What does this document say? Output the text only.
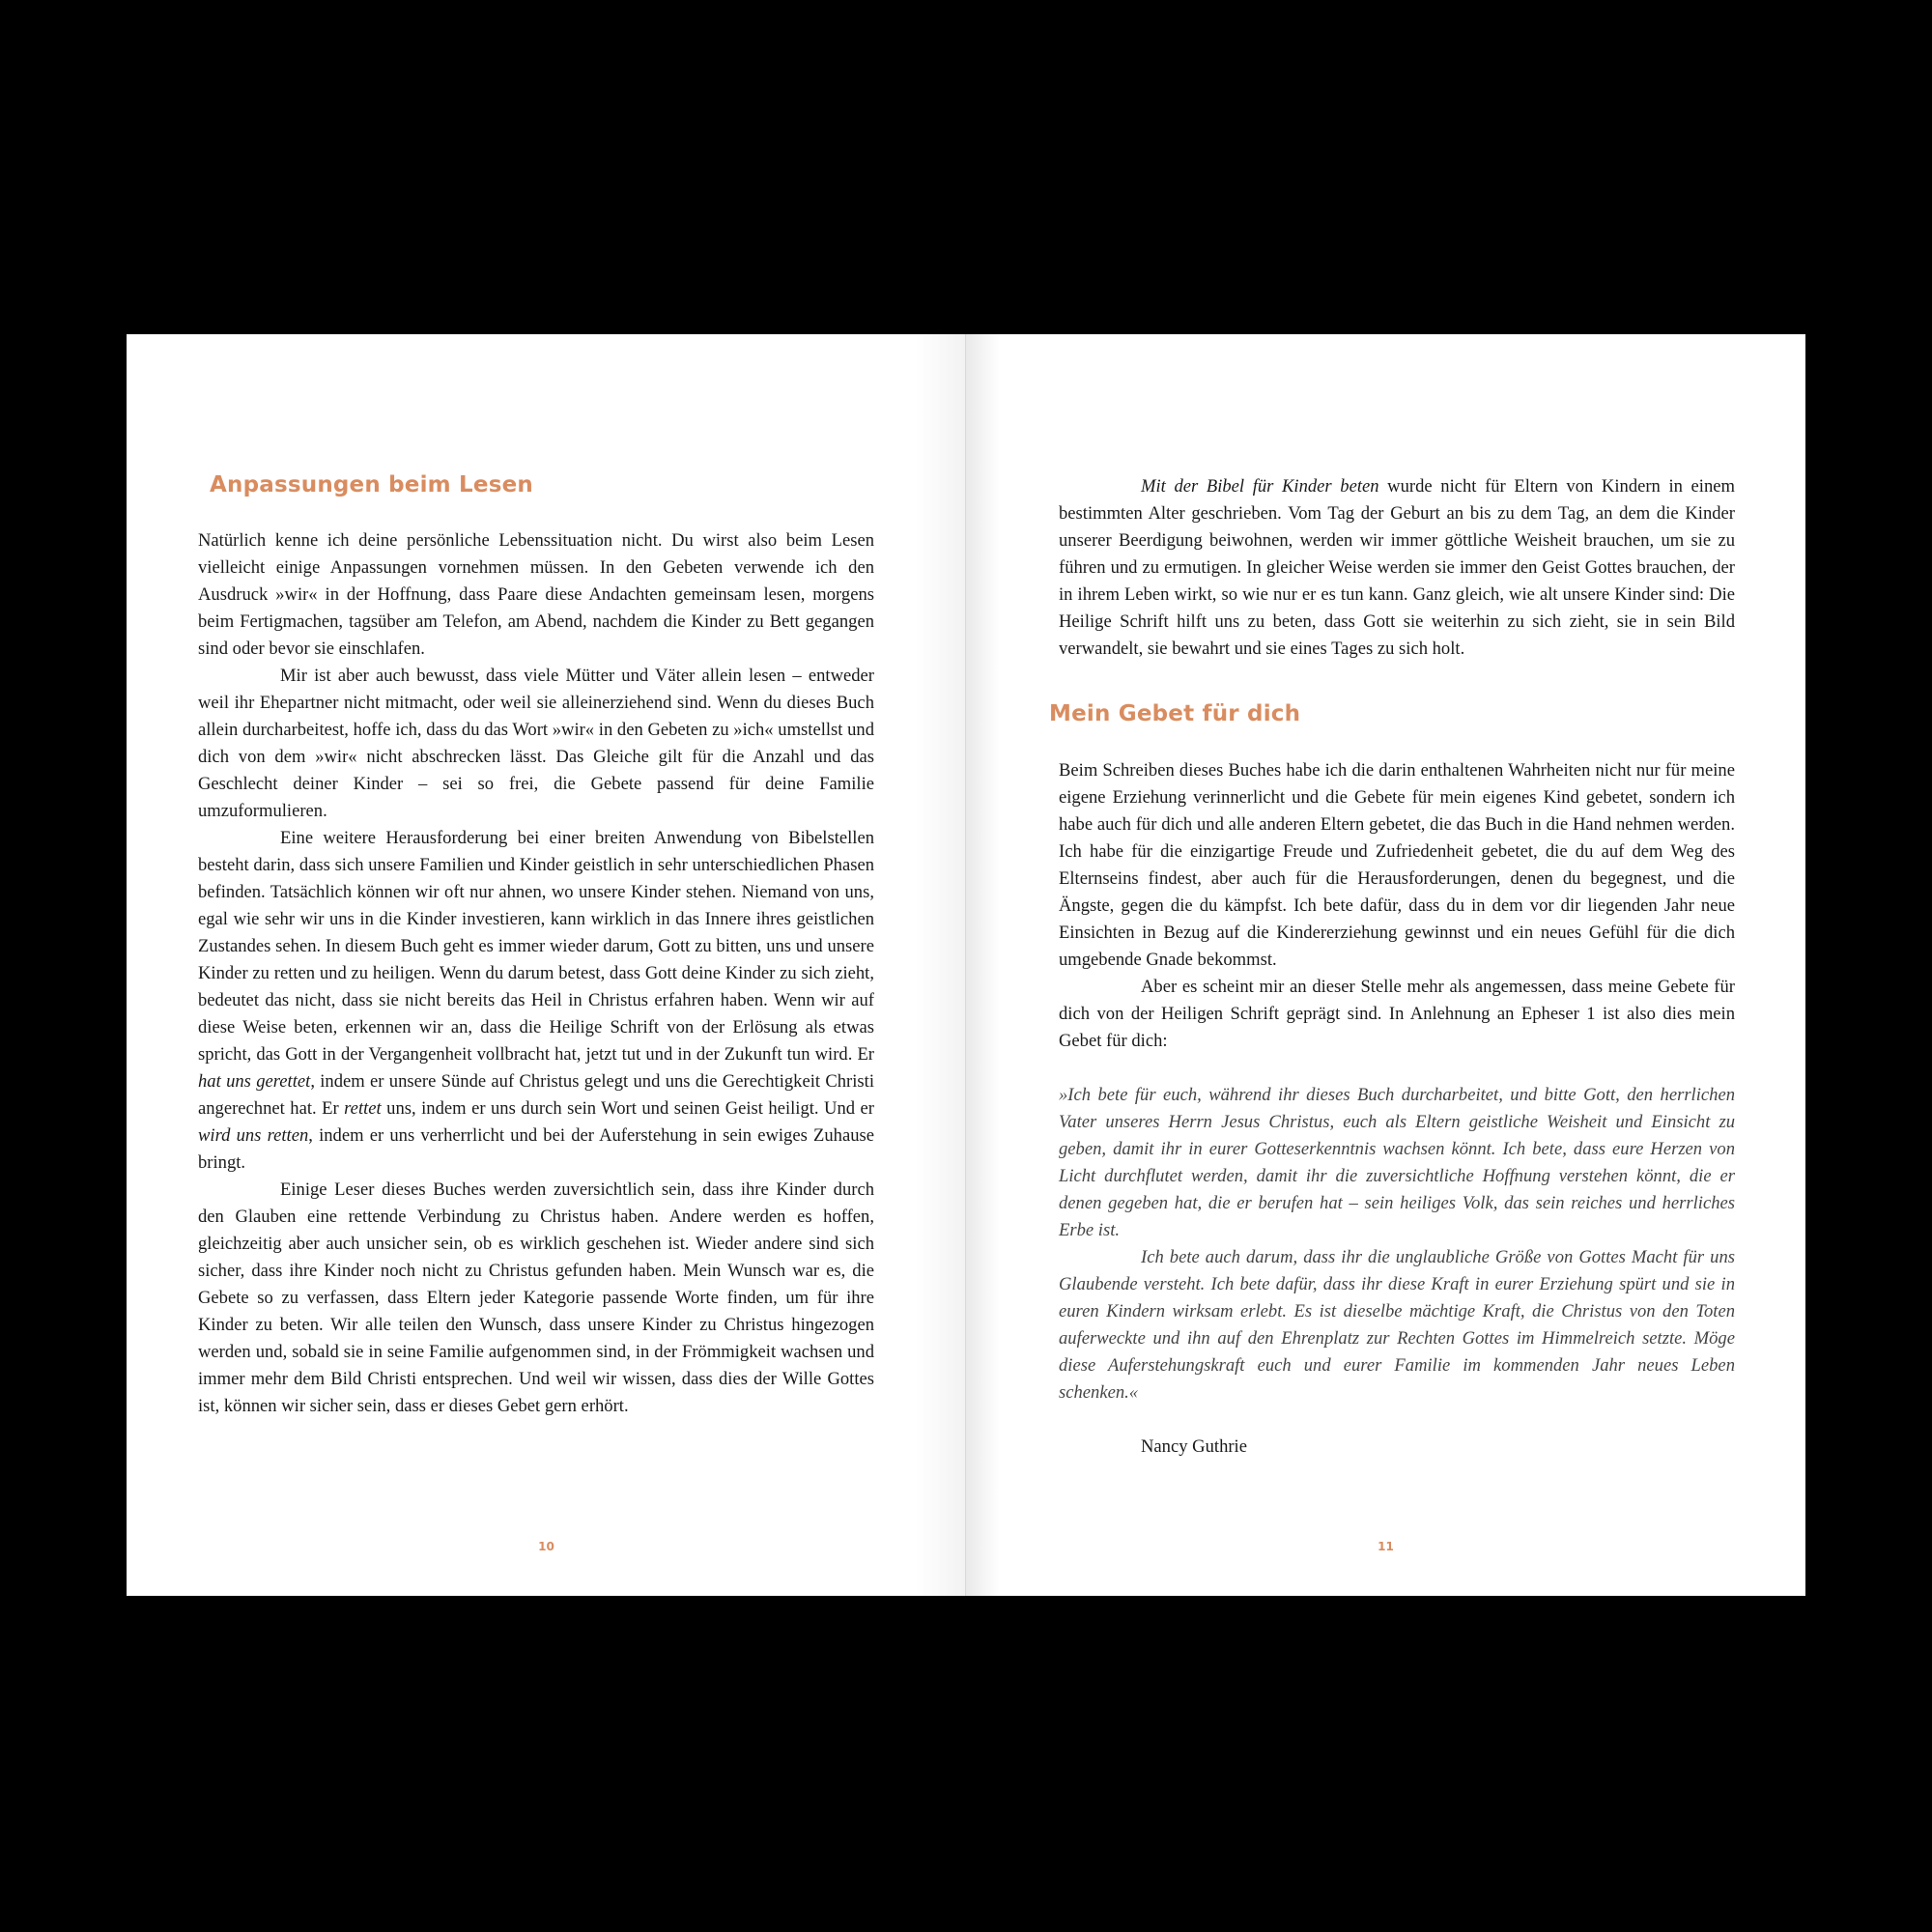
Anpassungen beim Lesen

Natürlich kenne ich deine persönliche Lebenssituation nicht. Du wirst also beim Lesen vielleicht einige Anpassungen vornehmen müssen. In den Gebeten verwende ich den Ausdruck »wir« in der Hoffnung, dass Paare diese Andachten gemeinsam lesen, morgens beim Fertigmachen, tagsüber am Telefon, am Abend, nachdem die Kinder zu Bett gegangen sind oder bevor sie einschlafen.

Mir ist aber auch bewusst, dass viele Mütter und Väter allein lesen – entweder weil ihr Ehepartner nicht mitmacht, oder weil sie alleinerziehend sind. Wenn du dieses Buch allein durcharbeitest, hoffe ich, dass du das Wort »wir« in den Gebeten zu »ich« umstellst und dich von dem »wir« nicht abschrecken lässt. Das Gleiche gilt für die Anzahl und das Geschlecht deiner Kinder – sei so frei, die Gebete passend für deine Familie umzuformulieren.

Eine weitere Herausforderung bei einer breiten Anwendung von Bibelstellen besteht darin, dass sich unsere Familien und Kinder geistlich in sehr unterschiedlichen Phasen befinden. Tatsächlich können wir oft nur ahnen, wo unsere Kinder stehen. Niemand von uns, egal wie sehr wir uns in die Kinder investieren, kann wirklich in das Innere ihres geistlichen Zustandes sehen. In diesem Buch geht es immer wieder darum, Gott zu bitten, uns und unsere Kinder zu retten und zu heiligen. Wenn du darum betest, dass Gott deine Kinder zu sich zieht, bedeutet das nicht, dass sie nicht bereits das Heil in Christus erfahren haben. Wenn wir auf diese Weise beten, erkennen wir an, dass die Heilige Schrift von der Erlösung als etwas spricht, das Gott in der Vergangenheit vollbracht hat, jetzt tut und in der Zukunft tun wird. Er hat uns gerettet, indem er unsere Sünde auf Christus gelegt und uns die Gerechtigkeit Christi angerechnet hat. Er rettet uns, indem er uns durch sein Wort und seinen Geist heiligt. Und er wird uns retten, indem er uns verherrlicht und bei der Auferstehung in sein ewiges Zuhause bringt.

Einige Leser dieses Buches werden zuversichtlich sein, dass ihre Kinder durch den Glauben eine rettende Verbindung zu Christus haben. Andere werden es hoffen, gleichzeitig aber auch unsicher sein, ob es wirklich geschehen ist. Wieder andere sind sich sicher, dass ihre Kinder noch nicht zu Christus gefunden haben. Mein Wunsch war es, die Gebete so zu verfassen, dass Eltern jeder Kategorie passende Worte finden, um für ihre Kinder zu beten. Wir alle teilen den Wunsch, dass unsere Kinder zu Christus hingezogen werden und, sobald sie in seine Familie aufgenommen sind, in der Frömmigkeit wachsen und immer mehr dem Bild Christi entsprechen. Und weil wir wissen, dass dies der Wille Gottes ist, können wir sicher sein, dass er dieses Gebet gern erhört.

10

Mit der Bibel für Kinder beten wurde nicht für Eltern von Kindern in einem bestimmten Alter geschrieben. Vom Tag der Geburt an bis zu dem Tag, an dem die Kinder unserer Beerdigung beiwohnen, werden wir immer göttliche Weisheit brauchen, um sie zu führen und zu ermutigen. In gleicher Weise werden sie immer den Geist Gottes brauchen, der in ihrem Leben wirkt, so wie nur er es tun kann. Ganz gleich, wie alt unsere Kinder sind: Die Heilige Schrift hilft uns zu beten, dass Gott sie weiterhin zu sich zieht, sie in sein Bild verwandelt, sie bewahrt und sie eines Tages zu sich holt.

Mein Gebet für dich

Beim Schreiben dieses Buches habe ich die darin enthaltenen Wahrheiten nicht nur für meine eigene Erziehung verinnerlicht und die Gebete für mein eigenes Kind gebetet, sondern ich habe auch für dich und alle anderen Eltern gebetet, die das Buch in die Hand nehmen werden. Ich habe für die einzigartige Freude und Zufriedenheit gebetet, die du auf dem Weg des Elternseins findest, aber auch für die Herausforderungen, denen du begegnest, und die Ängste, gegen die du kämpfst. Ich bete dafür, dass du in dem vor dir liegenden Jahr neue Einsichten in Bezug auf die Kindererziehung gewinnst und ein neues Gefühl für die dich umgebende Gnade bekommst.

Aber es scheint mir an dieser Stelle mehr als angemessen, dass meine Gebete für dich von der Heiligen Schrift geprägt sind. In Anlehnung an Epheser 1 ist also dies mein Gebet für dich:

»Ich bete für euch, während ihr dieses Buch durcharbeitet, und bitte Gott, den herrlichen Vater unseres Herrn Jesus Christus, euch als Eltern geistliche Weisheit und Einsicht zu geben, damit ihr in eurer Gotteserkenntnis wachsen könnt. Ich bete, dass eure Herzen von Licht durchflutet werden, damit ihr die zuversichtliche Hoffnung verstehen könnt, die er denen gegeben hat, die er berufen hat – sein heiliges Volk, das sein reiches und herrliches Erbe ist.

Ich bete auch darum, dass ihr die unglaubliche Größe von Gottes Macht für uns Glaubende versteht. Ich bete dafür, dass ihr diese Kraft in eurer Erziehung spürt und sie in euren Kindern wirksam erlebt. Es ist dieselbe mächtige Kraft, die Christus von den Toten auferweckte und ihn auf den Ehrenplatz zur Rechten Gottes im Himmelreich setzte. Möge diese Auferstehungskraft euch und eurer Familie im kommenden Jahr neues Leben schenken.«

Nancy Guthrie

11
